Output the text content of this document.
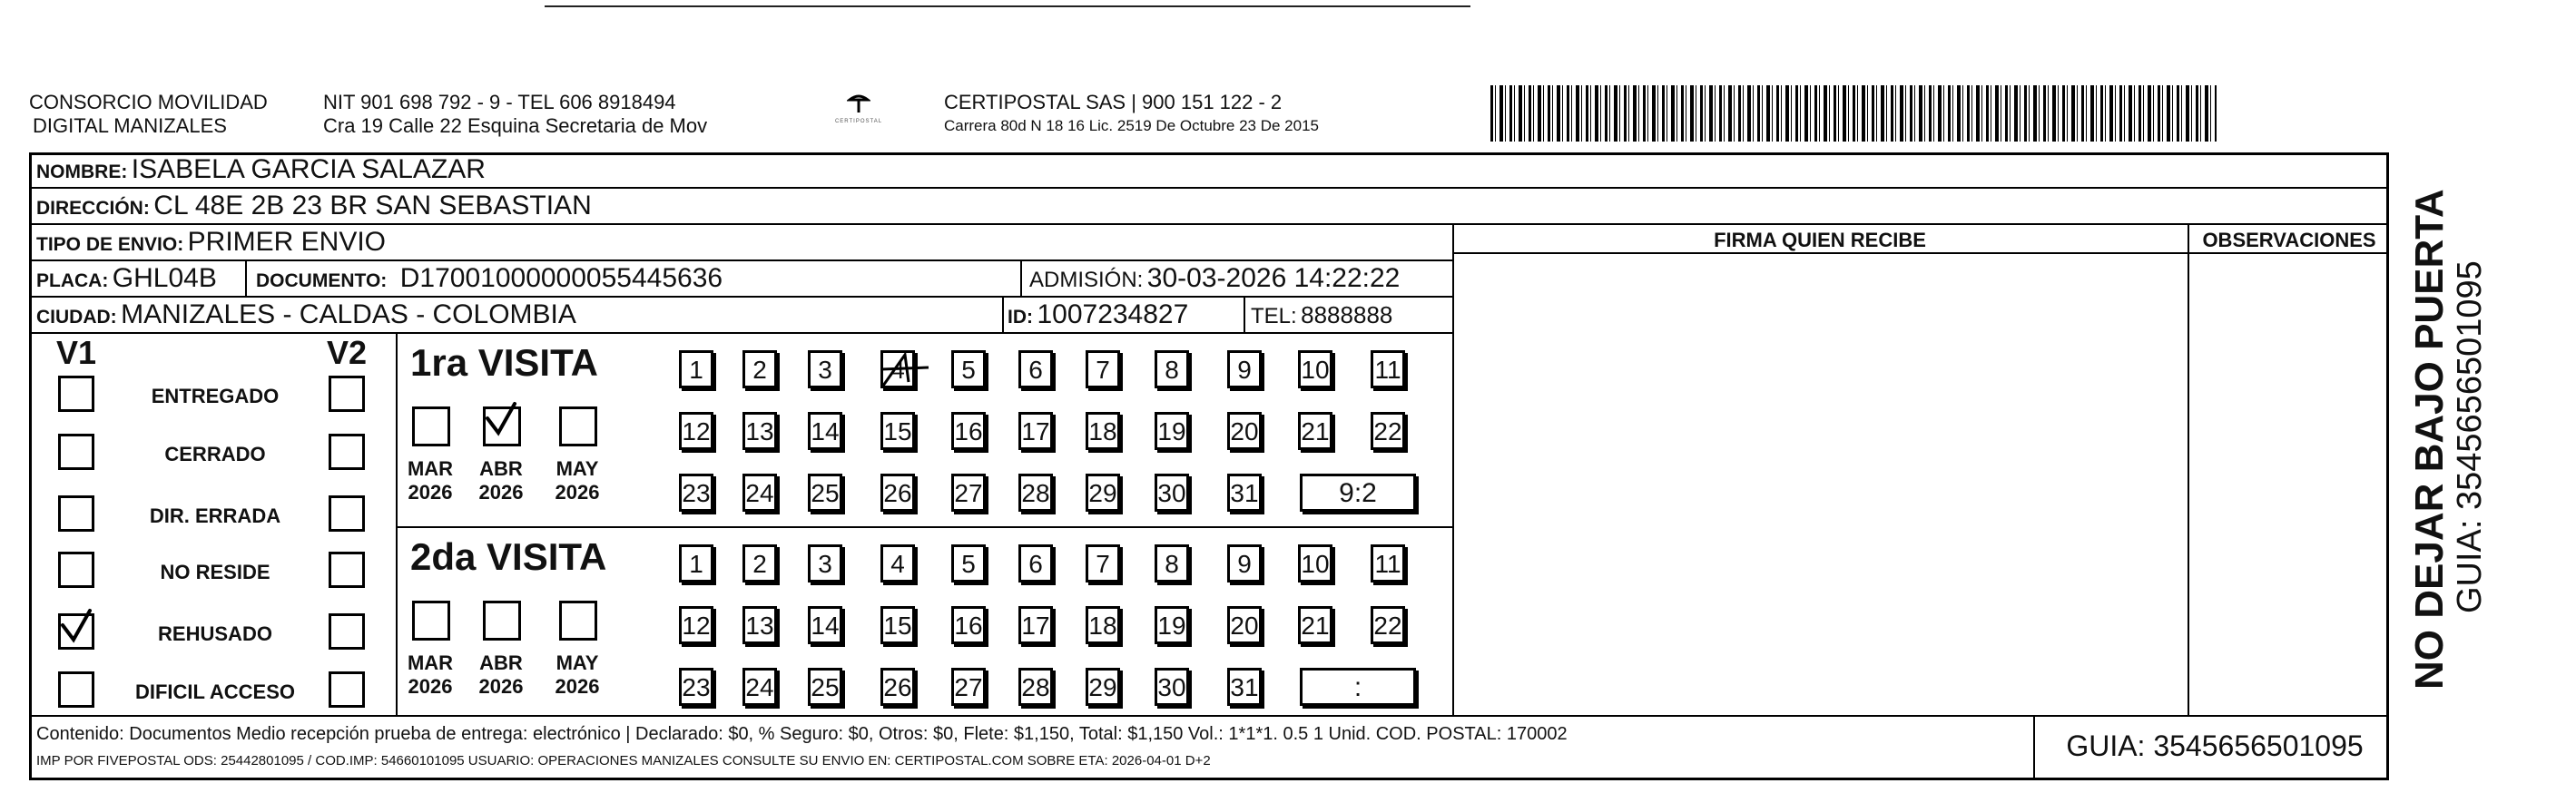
CONSORCIO MOVILIDAD
DIGITAL MANIZALES
NIT 901 698 792 - 9 - TEL 606 8918494
Cra 19 Calle 22 Esquina Secretaria de Mov	CERTIPOSTAL
CERTIPOSTAL SAS | 900 151 122 - 2
Carrera 80d N 18 16 Lic. 2519 De Octubre 23 De 2015
NOMBRE: ISABELA GARCIA SALAZAR
DIRECCIÓN: CL 48E 2B 23 BR SAN SEBASTIAN
TIPO DE ENVIO: PRIMER ENVIO
PLACA: GHL04B DOCUMENTO: D17001000000055445636	ADMISIÓN: 30-03-2026 14:22:22
CIUDAD: MANIZALES - CALDAS - COLOMBIA	ID: 1007234827	TEL: 8888888
FIRMA QUIEN RECIBE	OBSERVACIONES
V1	V2
ENTREGADO
CERRADO
DIR. ERRADA
NO RESIDE
REHUSADO
DIFICIL ACCESO
1ra VISITA
MAR
2026
ABR
2026
MAY
2026
1	2	3	4	5	6	7	8	9	10 11
12 13 14 15 16 17 18 19 20 21 22
23 24 25 26 27 28 29 30 31	9:2
2da VISITA
MAR
2026
ABR
2026
MAY
2026
1	2	3	4	5	6	7	8	9	10 11
12 13 14 15 16 17 18 19 20 21 22
23 24 25 26 27 28 29 30 31	:
Contenido: Documentos Medio recepción prueba de entrega: electrónico | Declarado: $0, % Seguro: $0, Otros: $0, Flete: $1,150, Total: $1,150 Vol.: 1*1*1. 0.5 1 Unid. COD. POSTAL: 170002
IMP POR FIVEPOSTAL ODS: 25442801095 / COD.IMP: 54660101095 USUARIO: OPERACIONES MANIZALES CONSULTE SU ENVIO EN: CERTIPOSTAL.COM SOBRE ETA: 2026-04-01 D+2	GUIA: 3545656501095
NO DEJAR BAJO PUERTA GUIA: 3545656501095
